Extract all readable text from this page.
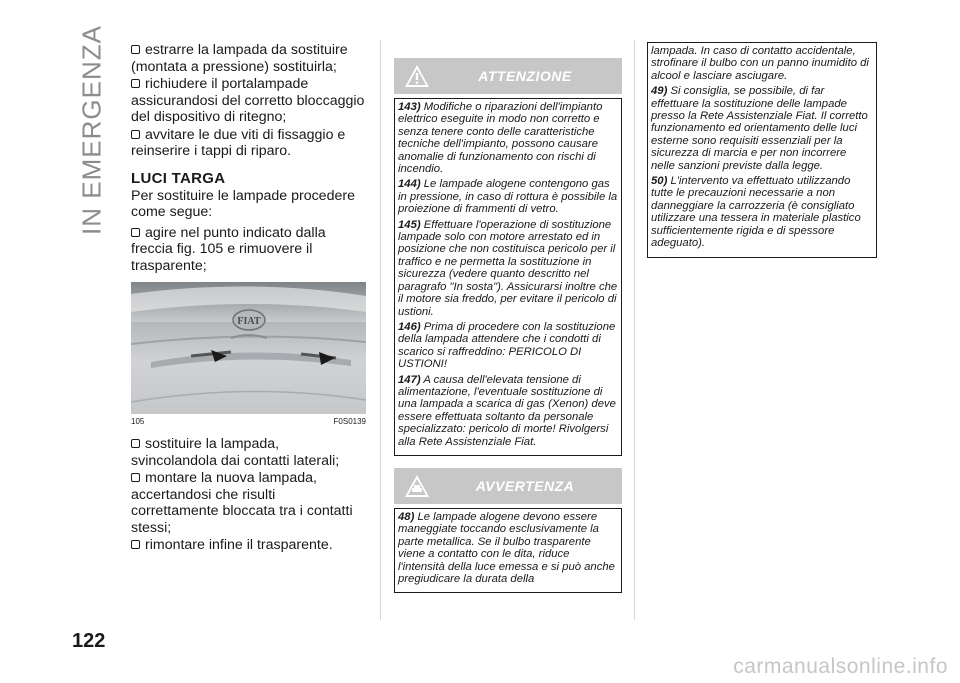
IN EMERGENZA	estrarre la lampada da sostituire (montata a pressione) sostituirla;

richiudere il portalampade assicurandosi del corretto bloccaggio del dispositivo di ritegno;

avvitare le due viti di fissaggio e reinserire i tappi di riparo.

LUCI TARGA

Per sostituire le lampade procedere come segue:

agire nel punto indicato dalla freccia fig. 105 e rimuovere il trasparente;

FIAT
105	F0S0139

sostituire la lampada, svincolandola dai contatti laterali;

montare la nuova lampada, accertandosi che risulti correttamente bloccata tra i contatti stessi;

rimontare infine il trasparente.

ATTENZIONE

143) Modifiche o riparazioni dell'impianto elettrico eseguite in modo non corretto e senza tenere conto delle caratteristiche tecniche dell'impianto, possono causare anomalie di funzionamento con rischi di incendio.

144) Le lampade alogene contengono gas in pressione, in caso di rottura è possibile la proiezione di frammenti di vetro.

145) Effettuare l'operazione di sostituzione lampade solo con motore arrestato ed in posizione che non costituisca pericolo per il traffico e ne permetta la sostituzione in sicurezza (vedere quanto descritto nel paragrafo "In sosta"). Assicurarsi inoltre che il motore sia freddo, per evitare il pericolo di ustioni.

146) Prima di procedere con la sostituzione della lampada attendere che i condotti di scarico si raffreddino: PERICOLO DI USTIONI!

147) A causa dell'elevata tensione di alimentazione, l'eventuale sostituzione di una lampada a scarica di gas (Xenon) deve essere effettuata soltanto da personale specializzato: pericolo di morte! Rivolgersi alla Rete Assistenziale Fiat.

AVVERTENZA

48) Le lampade alogene devono essere maneggiate toccando esclusivamente la parte metallica. Se il bulbo trasparente viene a contatto con le dita, riduce l'intensità della luce emessa e si può anche pregiudicare la durata della

lampada. In caso di contatto accidentale, strofinare il bulbo con un panno inumidito di alcool e lasciare asciugare.

49) Si consiglia, se possibile, di far effettuare la sostituzione delle lampade presso la Rete Assistenziale Fiat. Il corretto funzionamento ed orientamento delle luci esterne sono requisiti essenziali per la sicurezza di marcia e per non incorrere nelle sanzioni previste dalla legge.

50) L'intervento va effettuato utilizzando tutte le precauzioni necessarie a non danneggiare la carrozzeria (è consigliato utilizzare una tessera in materiale plastico sufficientemente rigida e di spessore adeguato).

122
carmanualsonline.info
